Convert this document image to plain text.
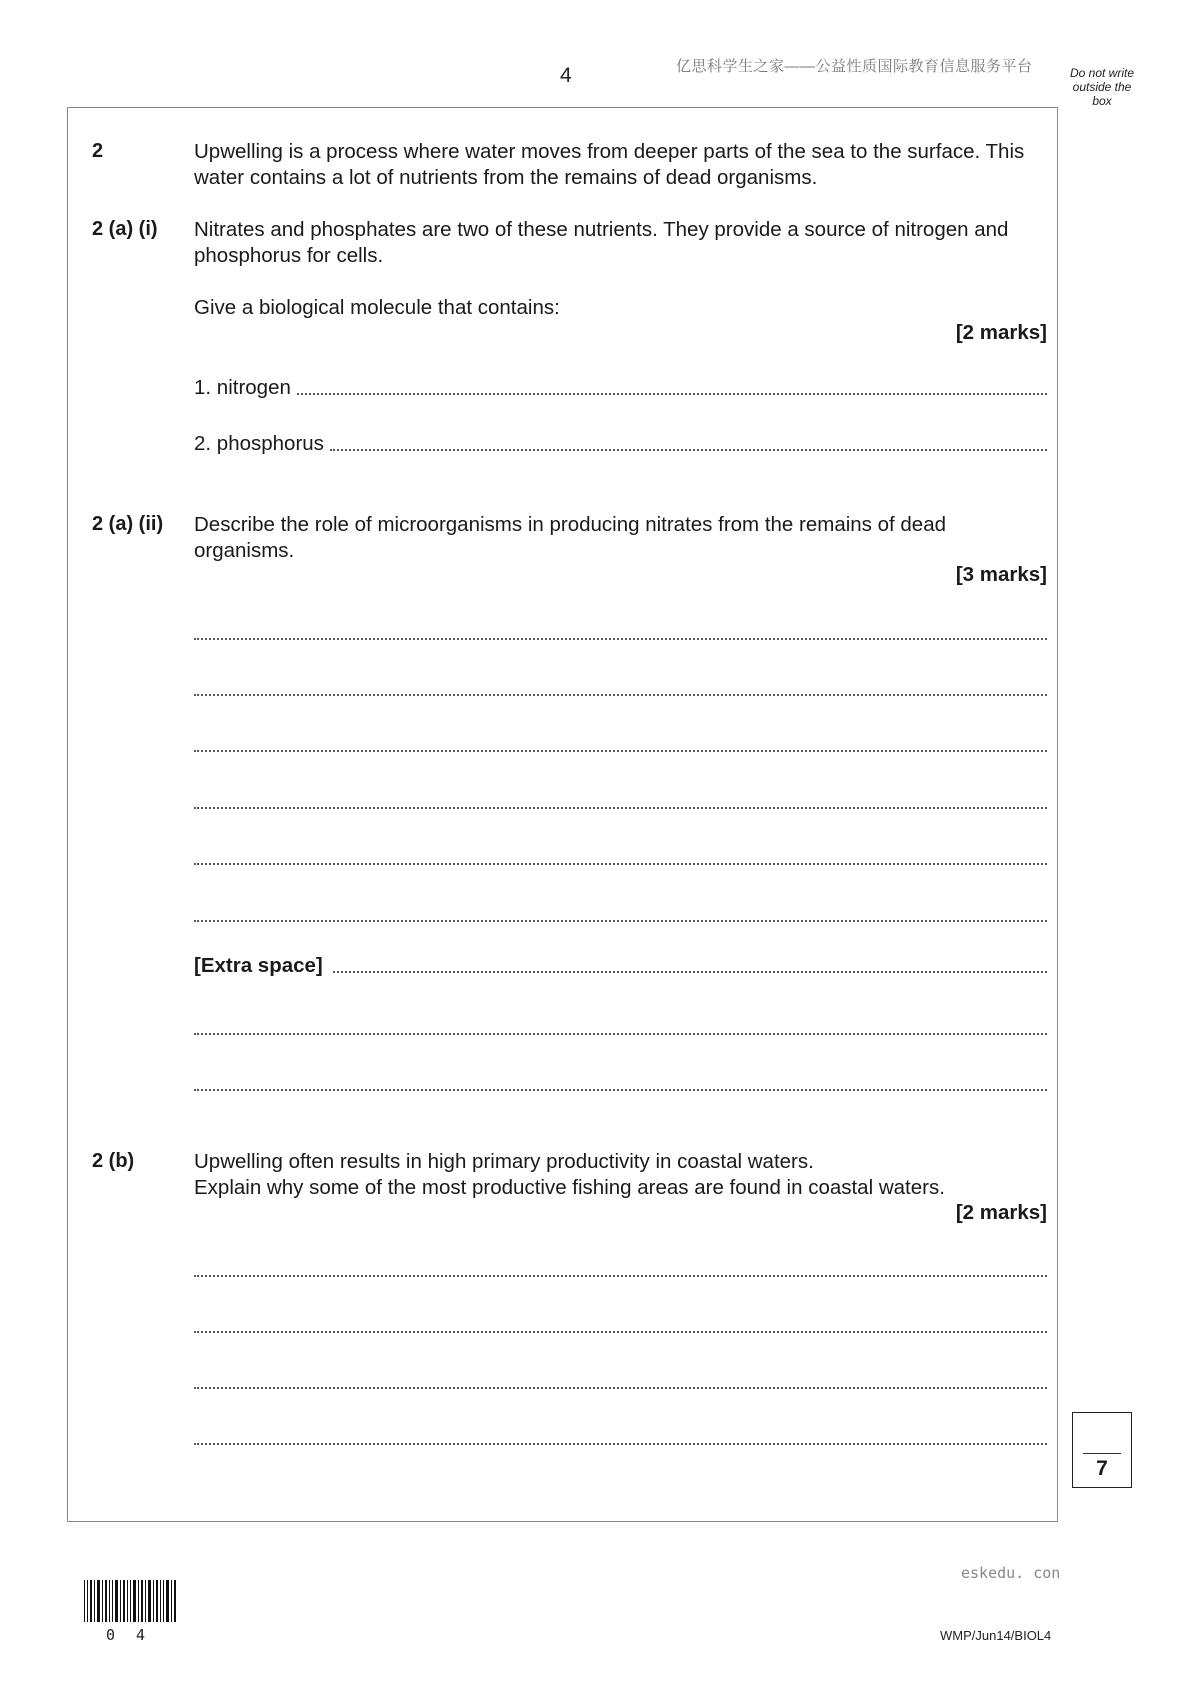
4	亿思科学生之家——公益性质国际教育信息服务平台	Do not write outside the box
2	Upwelling is a process where water moves from deeper parts of the sea to the surface. This water contains a lot of nutrients from the remains of dead organisms.
2 (a) (i) Nitrates and phosphates are two of these nutrients. They provide a source of nitrogen and phosphorus for cells.
Give a biological molecule that contains:
[2 marks]
1. nitrogen
2. phosphorus
2 (a) (ii) Describe the role of microorganisms in producing nitrates from the remains of dead organisms.
[3 marks]
[Extra space]
2 (b)	Upwelling often results in high primary productivity in coastal waters.
Explain why some of the most productive fishing areas are found in coastal waters.
[2 marks]
7
eskedu. con
WMP/Jun14/BIOL4
0 4
